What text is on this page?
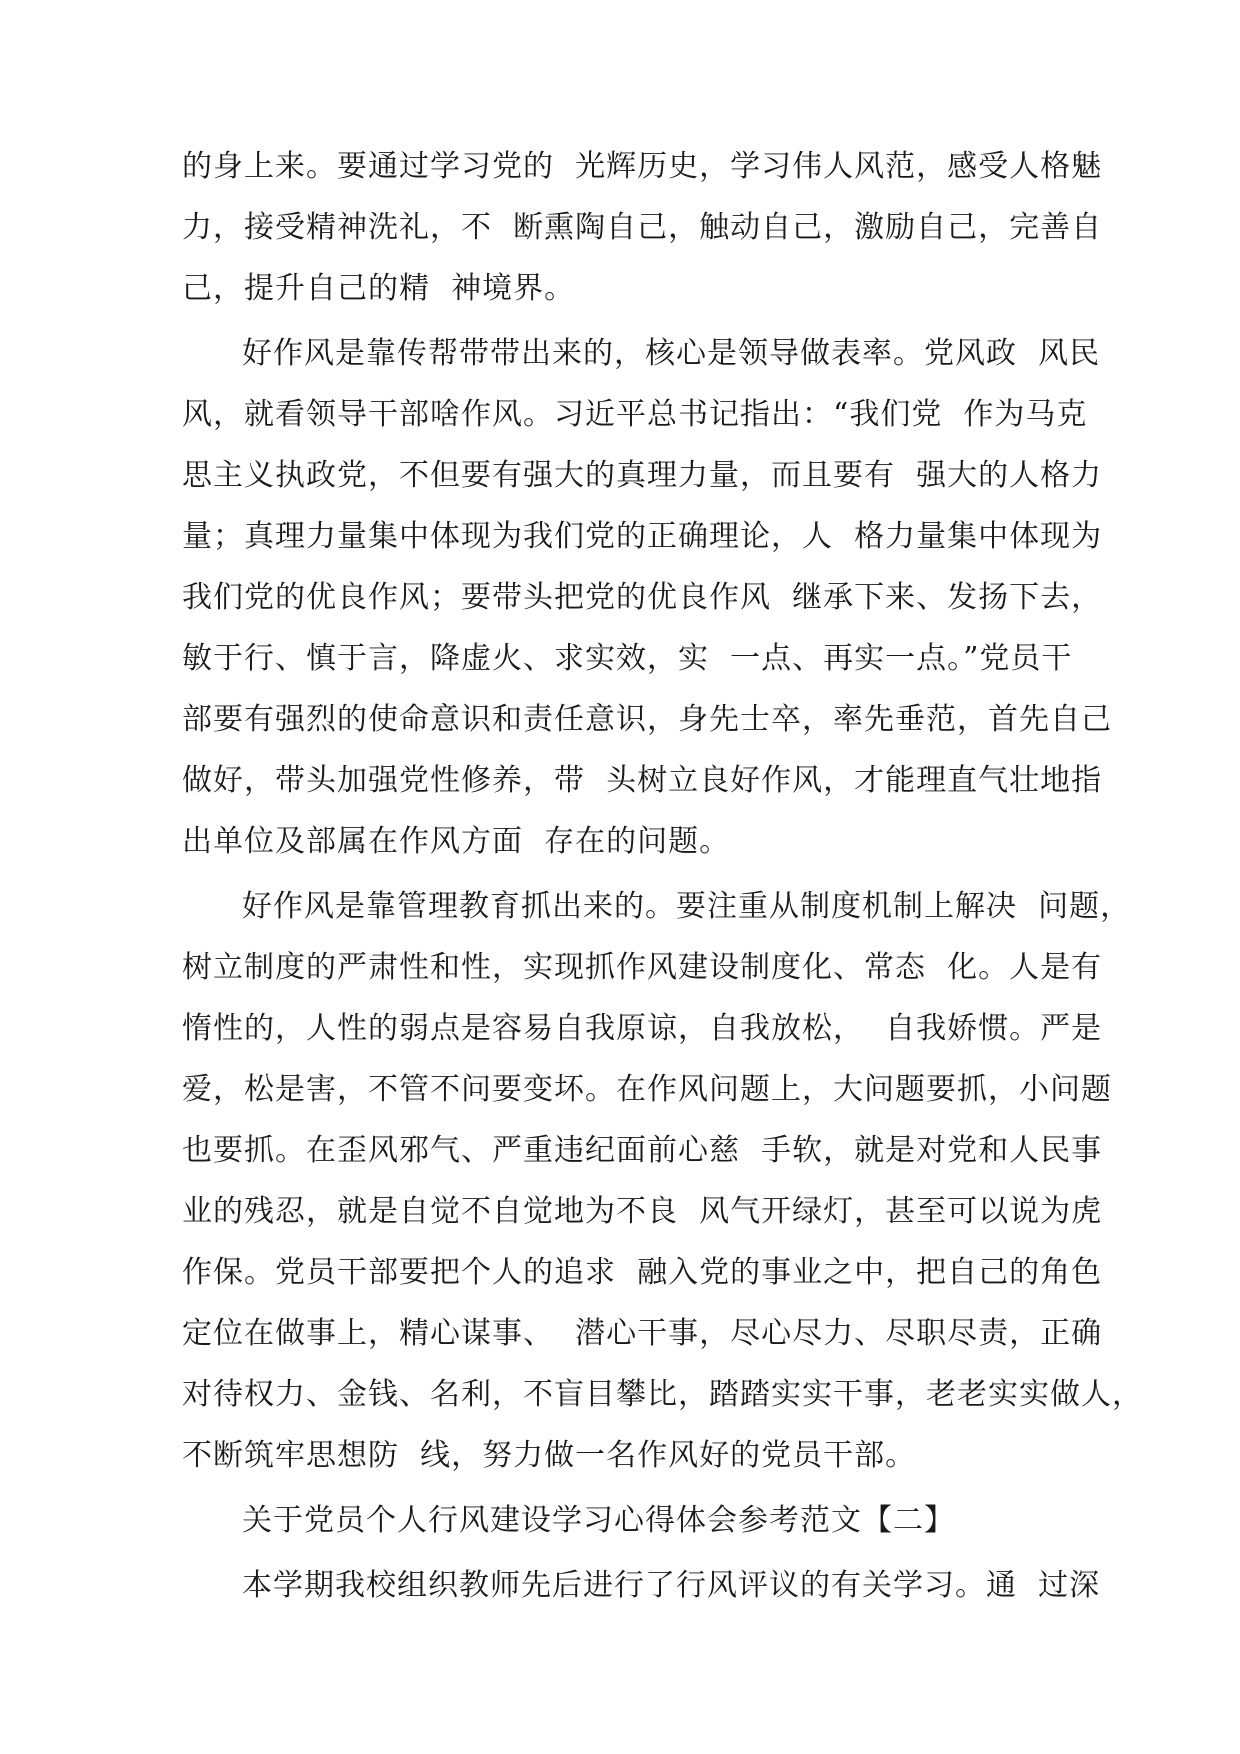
的身上来。要通过学习党的  光辉历史，学习伟人风范，感受人格魅
力，接受精神洗礼，不  断熏陶自己，触动自己，激励自己，完善自
己，提升自己的精  神境界。
好作风是靠传帮带带出来的，核心是领导做表率。党风政  风民
风，就看领导干部啥作风。习近平总书记指出：“我们党  作为马克
思主义执政党，不但要有强大的真理力量，而且要有  强大的人格力
量；真理力量集中体现为我们党的正确理论，人  格力量集中体现为
我们党的优良作风；要带头把党的优良作风  继承下来、发扬下去，
敏于行、慎于言，降虚火、求实效，实  一点、再实一点。”党员干
部要有强烈的使命意识和责任意识，身先士卒，率先垂范，首先自己
做好，带头加强党性修养，带  头树立良好作风，才能理直气壮地指
出单位及部属在作风方面  存在的问题。
好作风是靠管理教育抓出来的。要注重从制度机制上解决  问题，
树立制度的严肃性和性，实现抓作风建设制度化、常态  化。人是有
惰性的，人性的弱点是容易自我原谅，自我放松，  自我娇惯。严是
爱，松是害，不管不问要变坏。在作风问题上，大问题要抓，小问题
也要抓。在歪风邪气、严重违纪面前心慈  手软，就是对党和人民事
业的残忍，就是自觉不自觉地为不良  风气开绿灯，甚至可以说为虎
作保。党员干部要把个人的追求  融入党的事业之中，把自己的角色
定位在做事上，精心谋事、  潜心干事，尽心尽力、尽职尽责，正确
对待权力、金钱、名利，不盲目攀比，踏踏实实干事，老老实实做人，
不断筑牢思想防  线，努力做一名作风好的党员干部。
关于党员个人行风建设学习心得体会参考范文【二】
本学期我校组织教师先后进行了行风评议的有关学习。通  过深
